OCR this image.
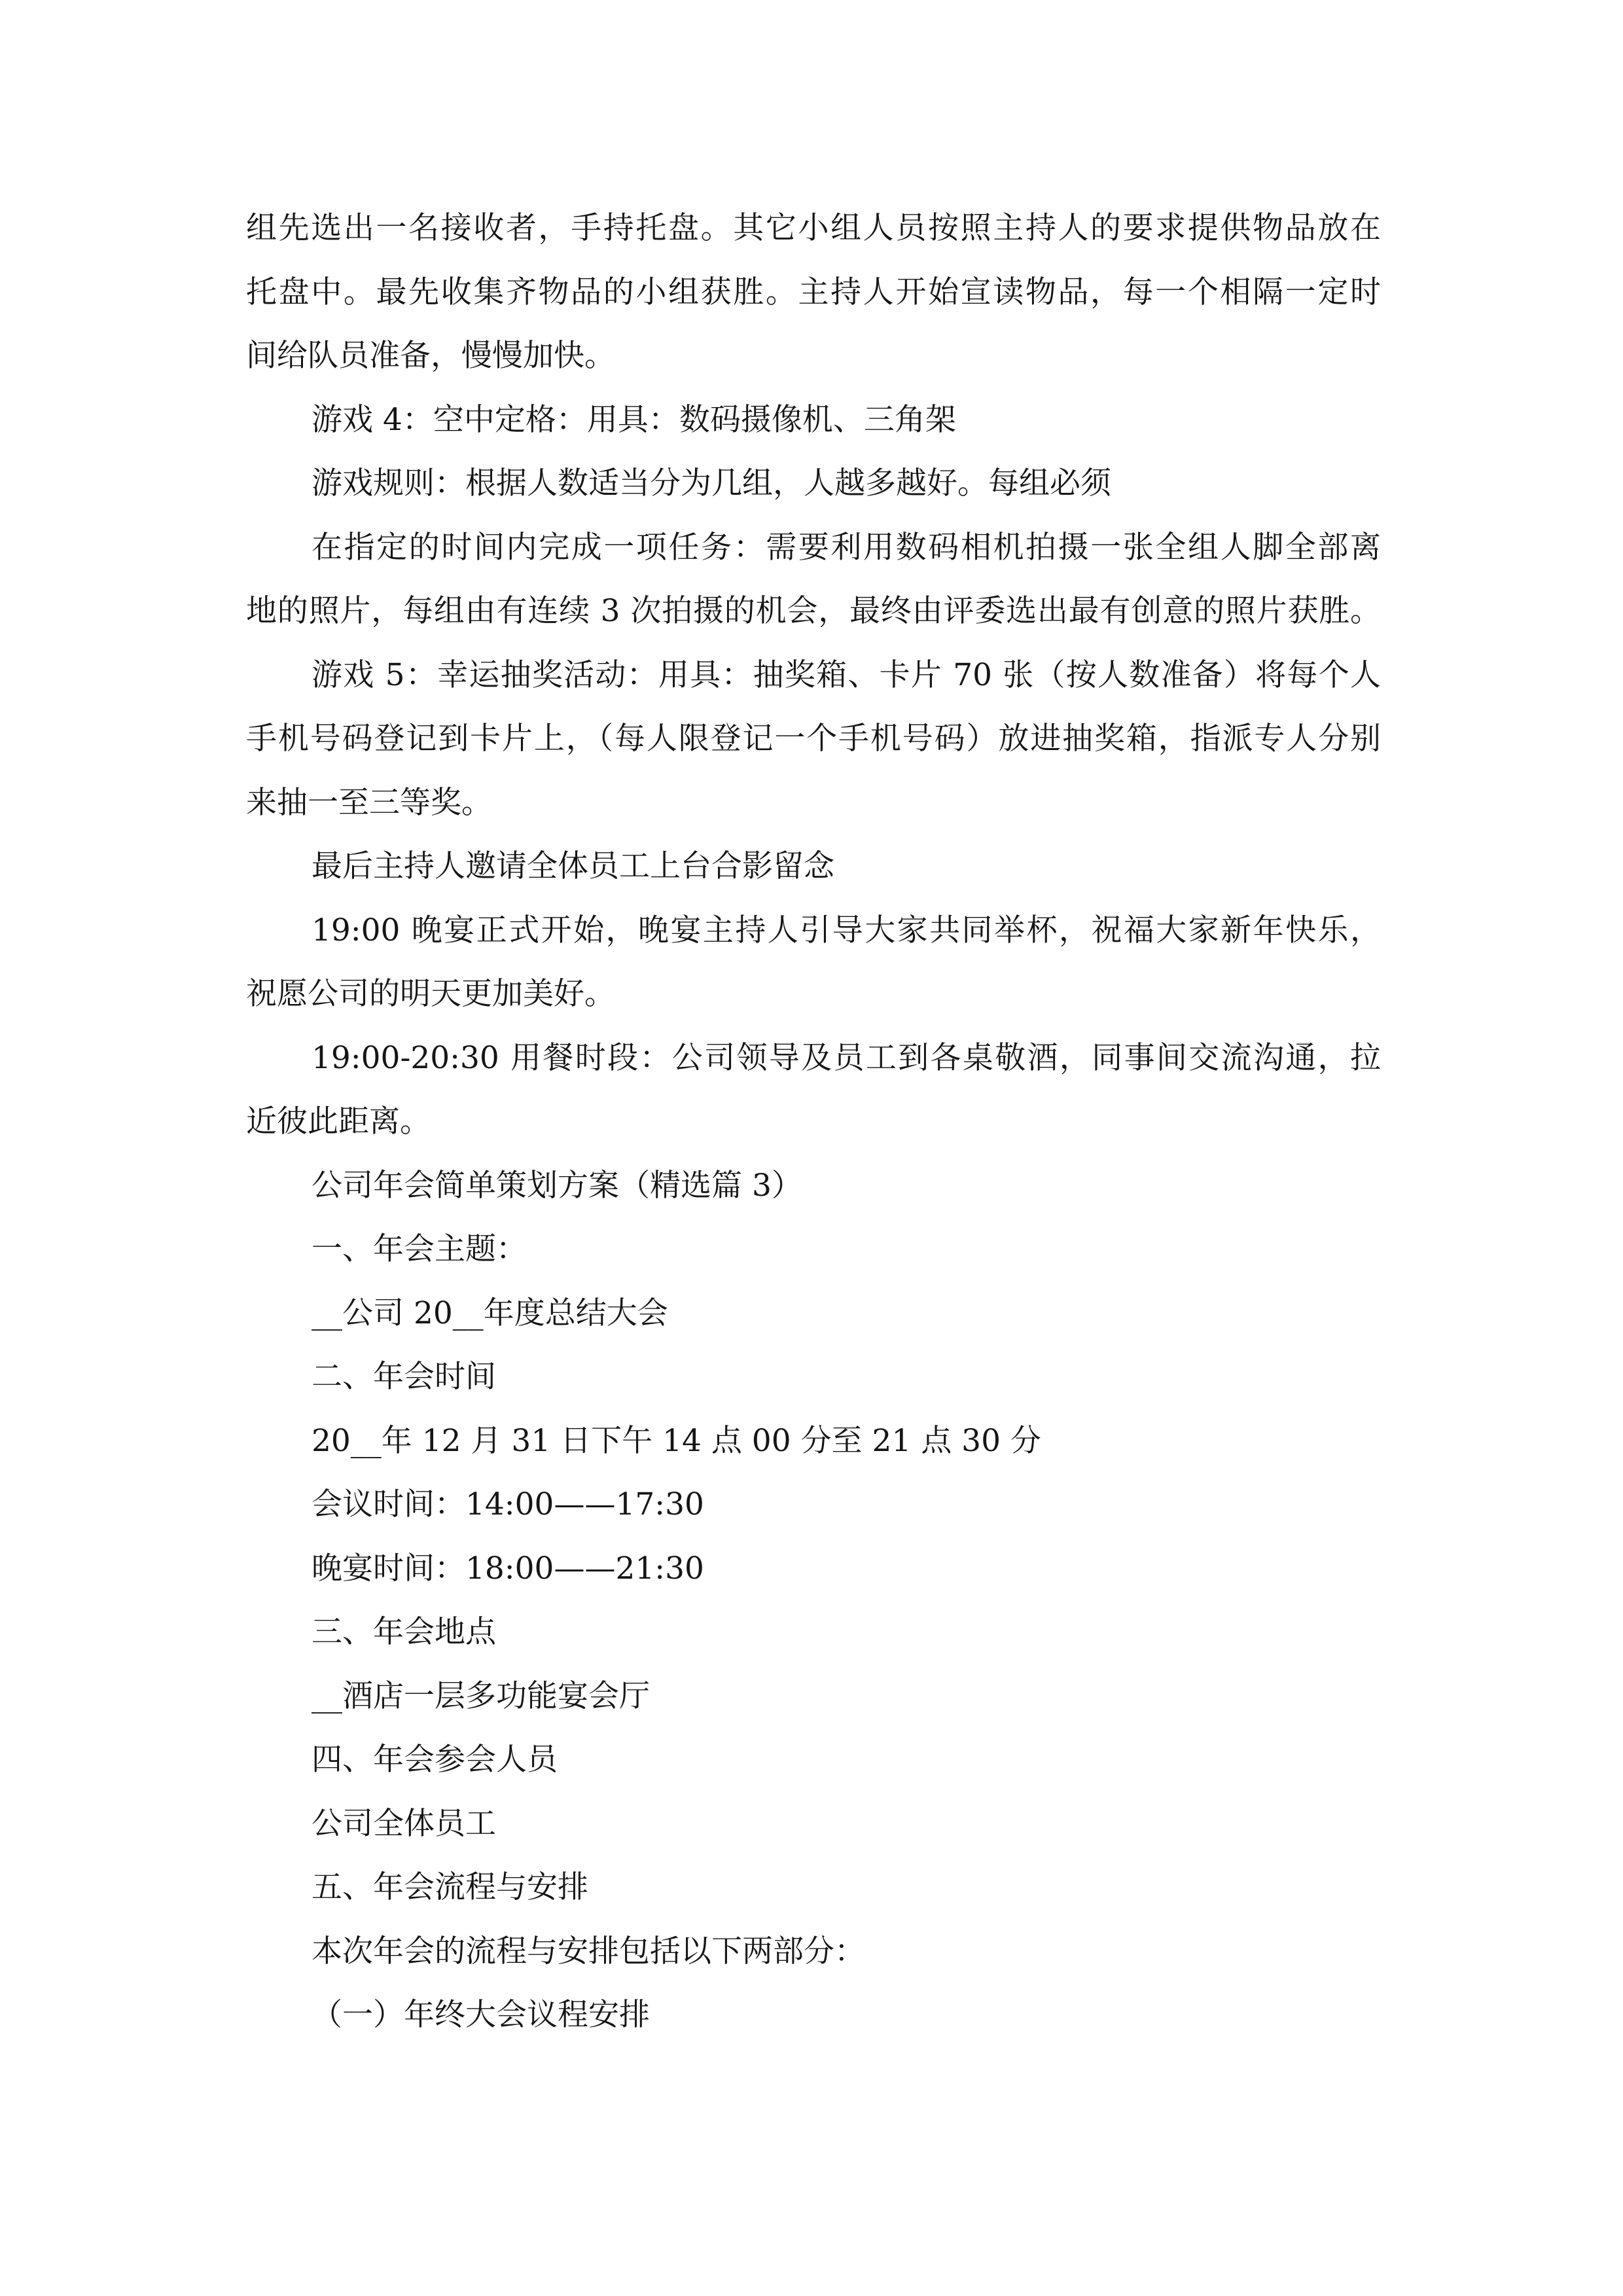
组先选出一名接收者，手持托盘。其它小组人员按照主持人的要求提供物品放在
托盘中。最先收集齐物品的小组获胜。主持人开始宣读物品，每一个相隔一定时
间给队员准备，慢慢加快。
游戏 4：空中定格：用具：数码摄像机、三角架
游戏规则：根据人数适当分为几组，人越多越好。每组必须
在指定的时间内完成一项任务：需要利用数码相机拍摄一张全组人脚全部离
地的照片，每组由有连续 3 次拍摄的机会，最终由评委选出最有创意的照片获胜。
游戏 5：幸运抽奖活动：用具：抽奖箱、卡片 70 张（按人数准备）将每个人
手机号码登记到卡片上，（每人限登记一个手机号码）放进抽奖箱，指派专人分别
来抽一至三等奖。
最后主持人邀请全体员工上台合影留念
19:00 晚宴正式开始，晚宴主持人引导大家共同举杯，祝福大家新年快乐，
祝愿公司的明天更加美好。
19:00-20:30 用餐时段：公司领导及员工到各桌敬酒，同事间交流沟通，拉
近彼此距离。
公司年会简单策划方案（精选篇 3）
一、年会主题：
__公司 20__年度总结大会
二、年会时间
20__年 12 月 31 日下午 14 点 00 分至 21 点 30 分
会议时间：14:00——17:30
晚宴时间：18:00——21:30
三、年会地点
__酒店一层多功能宴会厅
四、年会参会人员
公司全体员工
五、年会流程与安排
本次年会的流程与安排包括以下两部分：
（一）年终大会议程安排
